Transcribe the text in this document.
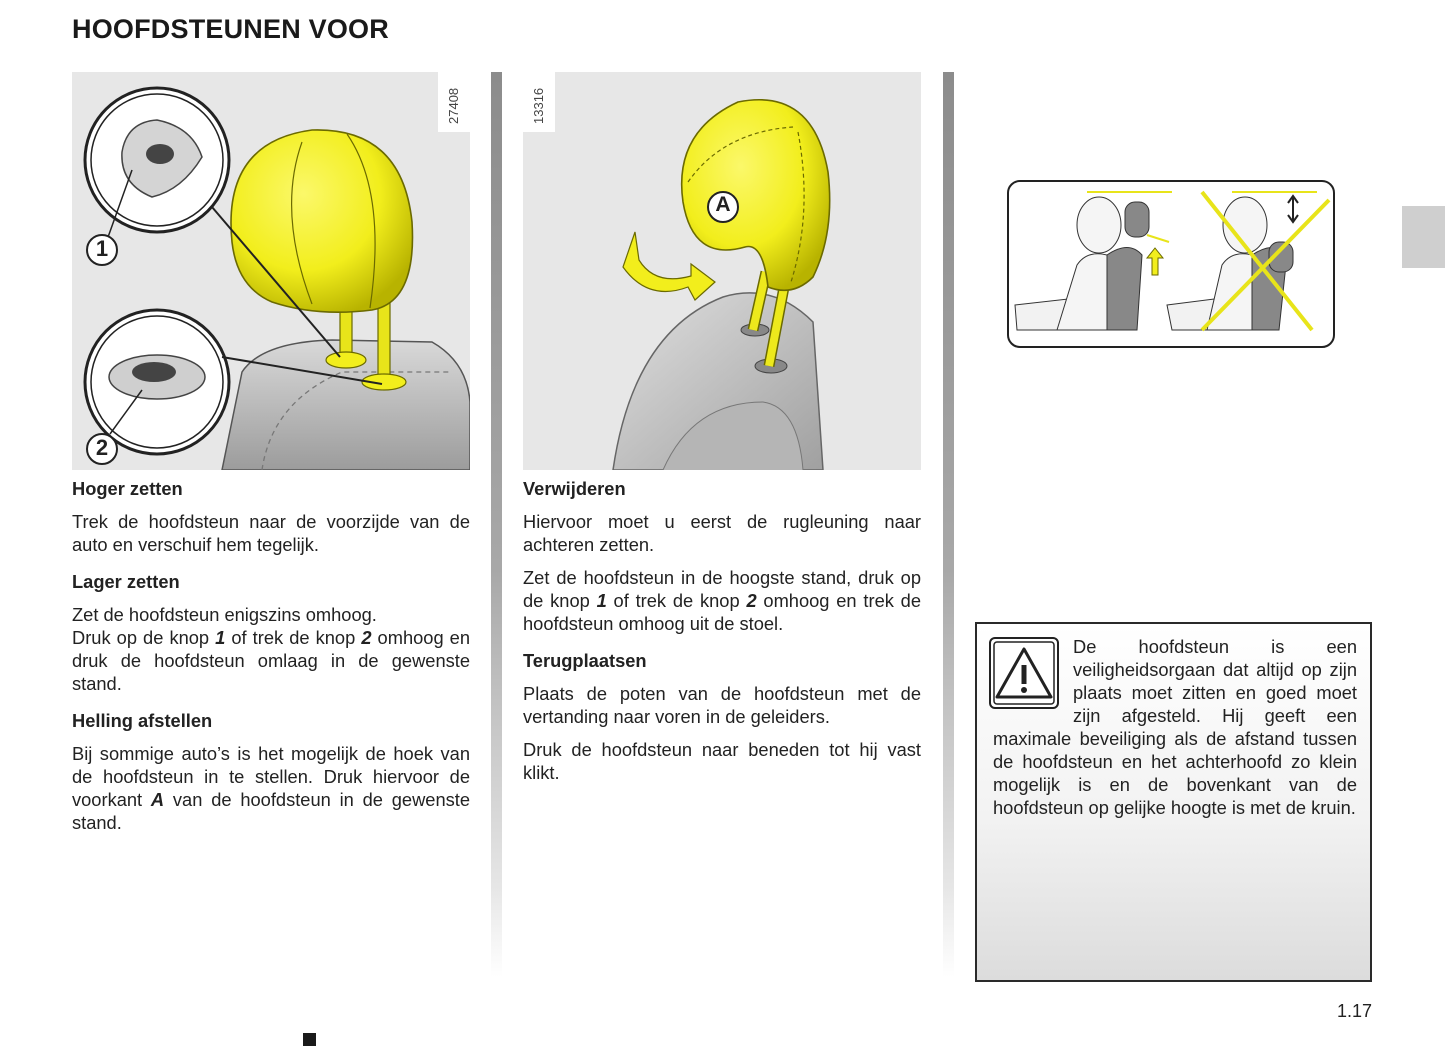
HOOFDSTEUNEN VOOR
1
2
27408
A
13316
Hoger zetten

Trek de hoofdsteun naar de voorzijde van de auto en verschuif hem tegelijk.

Lager zetten

Zet de hoofdsteun enigszins omhoog.
Druk op de knop 1 of trek de knop 2 omhoog en druk de hoofdsteun omlaag in de gewenste stand.

Helling afstellen

Bij sommige auto’s is het mogelijk de hoek van de hoofdsteun in te stellen. Druk hiervoor de voorkant A van de hoofdsteun in de gewenste stand.

Verwijderen

Hiervoor moet u eerst de rugleuning naar achteren zetten.

Zet de hoofdsteun in de hoogste stand, druk op de knop 1 of trek de knop 2 omhoog en trek de hoofdsteun omhoog uit de stoel.

Terugplaatsen

Plaats de poten van de hoofdsteun met de vertanding naar voren in de geleiders.

Druk de hoofdsteun naar beneden tot hij vast klikt.

De hoofdsteun is een veiligheidsorgaan dat altijd op zijn plaats moet zitten en goed moet zijn afgesteld. Hij geeft een maximale beveiliging als de afstand tussen de hoofdsteun en het achterhoofd zo klein mogelijk is en de bovenkant van de hoofdsteun op gelijke hoogte is met de kruin.
1.17
